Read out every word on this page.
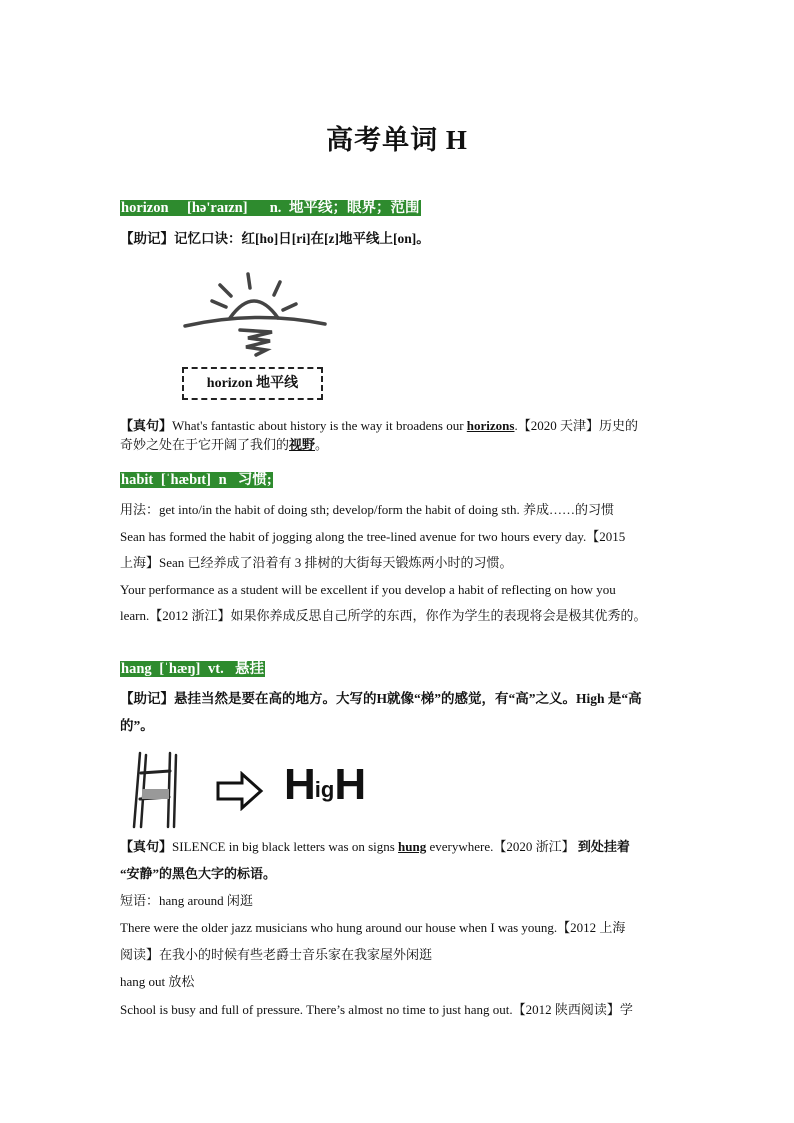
高考单词 H
horizon [hə'raɪzn] n. 地平线；眼界；范围
【助记】记忆口诀：红[ho]日[ri]在[z]地平线上[on]。
horizon 地平线
【真句】What's fantastic about history is the way it broadens our horizons.【2020 天津】历史的
奇妙之处在于它开阔了我们的视野。
habit [ˈhæbɪt] n 习惯;
用法：get into/in the habit of doing sth; develop/form the habit of doing sth. 养成……的习惯
Sean has formed the habit of jogging along the tree-lined avenue for two hours every day.【2015
上海】Sean 已经养成了沿着有 3 排树的大街每天锻炼两小时的习惯。
Your performance as a student will be excellent if you develop a habit of reflecting on how you
learn.【2012 浙江】如果你养成反思自己所学的东西，你作为学生的表现将会是极其优秀的。
hang [ˈhæŋ] vt. 悬挂
【助记】悬挂当然是要在高的地方。大写的H就像“梯”的感觉，有“高”之义。High 是“高
的”。
HigH
【真句】SILENCE in big black letters was on signs hung everywhere.【2020 浙江】 到处挂着
“安静”的黑色大字的标语。
短语：hang around 闲逛
There were the older jazz musicians who hung around our house when I was young.【2012 上海
阅读】在我小的时候有些老爵士音乐家在我家屋外闲逛
hang out 放松
School is busy and full of pressure. There’s almost no time to just hang out.【2012 陕西阅读】学
